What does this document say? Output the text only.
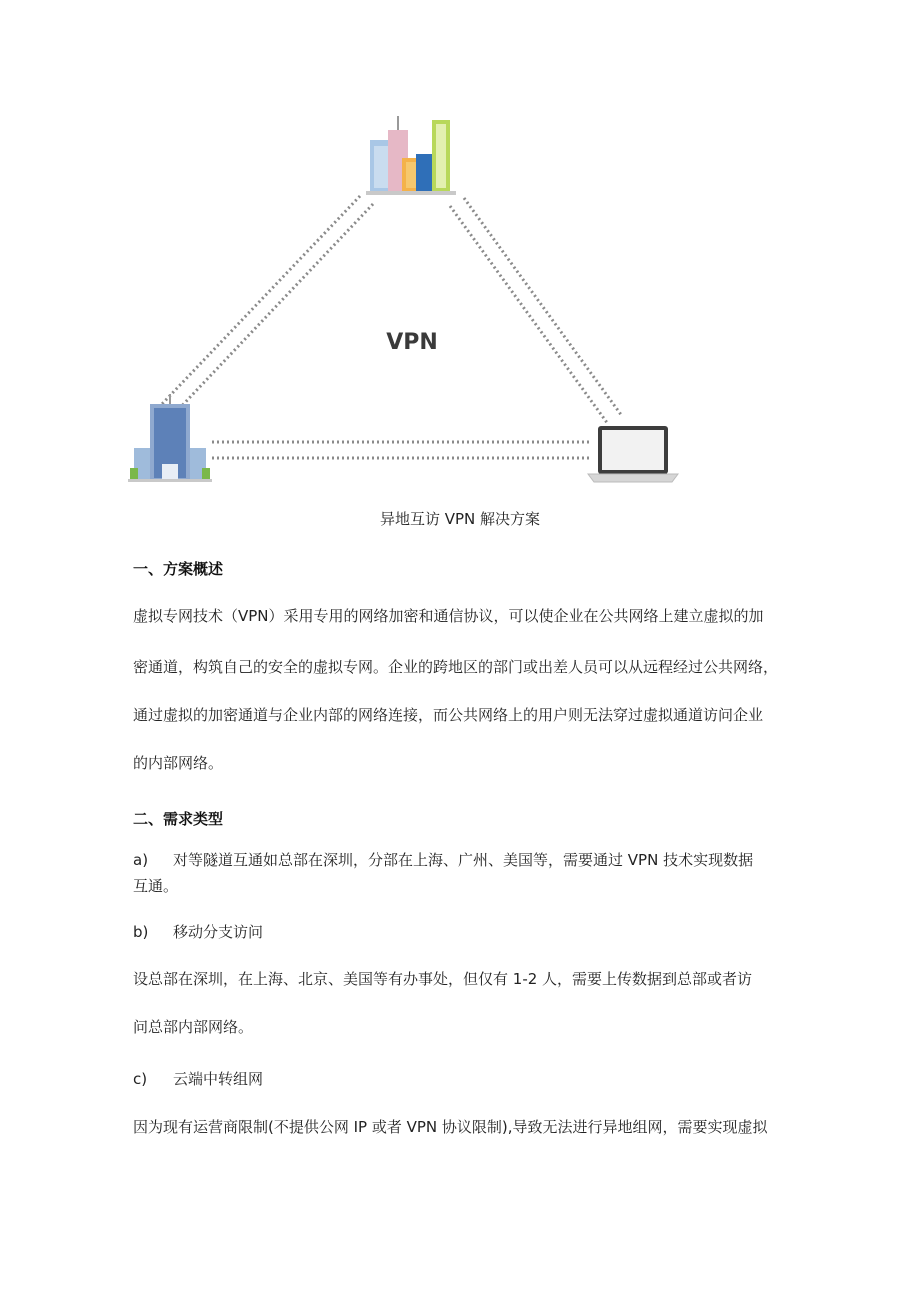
VPN
异地互访 VPN 解决方案
一、方案概述
虚拟专网技术（VPN）采用专用的网络加密和通信协议，可以使企业在公共网络上建立虚拟的加
密通道，构筑自己的安全的虚拟专网。企业的跨地区的部门或出差人员可以从远程经过公共网络，
通过虚拟的加密通道与企业内部的网络连接，而公共网络上的用户则无法穿过虚拟通道访问企业
的内部网络。
二、需求类型
a) 对等隧道互通如总部在深圳，分部在上海、广州、美国等，需要通过 VPN 技术实现数据
互通。
b) 移动分支访问
设总部在深圳，在上海、北京、美国等有办事处，但仅有 1-2 人，需要上传数据到总部或者访
问总部内部网络。
c) 云端中转组网
因为现有运营商限制(不提供公网 IP 或者 VPN 协议限制),导致无法进行异地组网，需要实现虚拟
